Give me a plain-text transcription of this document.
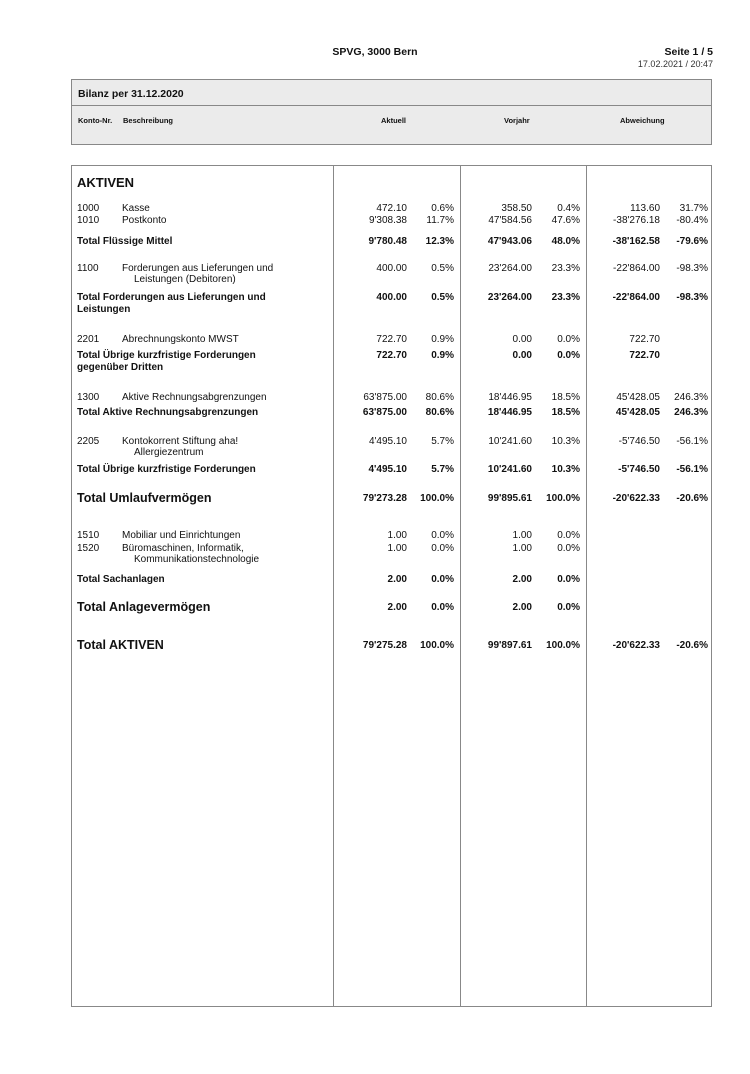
SPVG, 3000 Bern	Seite 1 / 5
17.02.2021 / 20:47
Bilanz per 31.12.2020
Konto-Nr. Beschreibung	Aktuell	Vorjahr	Abweichung
AKTIVEN
1000 Kasse	472.10 0.6%	358.50	0.4%	113.60 31.7%
1010 Postkonto	9'308.38 11.7%	47'584.56 47.6%	-38'276.18 -80.4%
Total Flüssige Mittel	9'780.48 12.3%	47'943.06 48.0%	-38'162.58 -79.6%
1100 Forderungen aus Lieferungen und
Leistungen (Debitoren)
400.00 0.5%	23'264.00 23.3%	-22'864.00 -98.3%
Total Forderungen aus Lieferungen und
Leistungen
400.00 0.5%	23'264.00 23.3%	-22'864.00 -98.3%
2201 Abrechnungskonto MWST	722.70 0.9%	0.00	0.0%	722.70
Total Übrige kurzfristige Forderungen
gegenüber Dritten
722.70 0.9%	0.00	0.0%	722.70
1300 Aktive Rechnungsabgrenzungen	63'875.00 80.6%	18'446.95 18.5%	45'428.05 246.3%
Total Aktive Rechnungsabgrenzungen	63'875.00 80.6%	18'446.95 18.5%	45'428.05 246.3%
2205 Kontokorrent Stiftung aha!
Allergiezentrum
4'495.10 5.7%	10'241.60 10.3%	-5'746.50 -56.1%
Total Übrige kurzfristige Forderungen	4'495.10 5.7%	10'241.60 10.3%	-5'746.50 -56.1%
Total Umlaufvermögen	79'273.28 100.0%	99'895.61 100.0%	-20'622.33 -20.6%
1510 Mobiliar und Einrichtungen	1.00 0.0%	1.00	0.0%
1520 Büromaschinen, Informatik,
Kommunikationstechnologie
1.00 0.0%	1.00	0.0%
Total Sachanlagen	2.00 0.0%	2.00	0.0%
Total Anlagevermögen	2.00 0.0%	2.00	0.0%
Total AKTIVEN	79'275.28 100.0%	99'897.61 100.0%	-20'622.33 -20.6%
